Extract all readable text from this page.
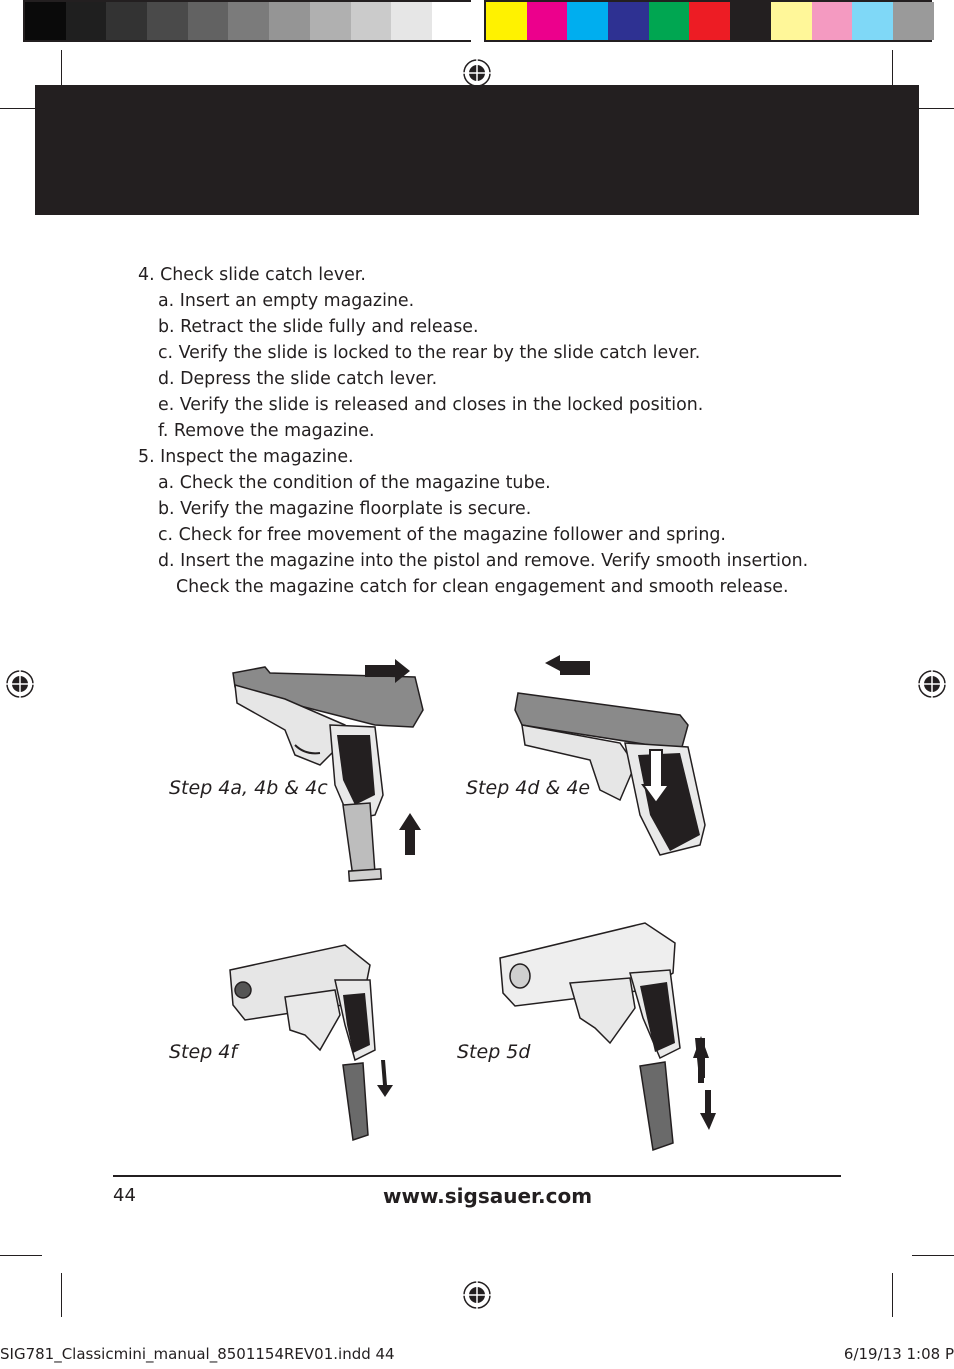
4. Check slide catch lever.
a. Insert an empty magazine.
b. Retract the slide fully and release.
c. Verify the slide is locked to the rear by the slide catch lever.
d. Depress the slide catch lever.
e. Verify the slide is released and closes in the locked position.
f. Remove the magazine.
5. Inspect the magazine.
a. Check the condition of the magazine tube.
b. Verify the magazine floorplate is secure.
c. Check for free movement of the magazine follower and spring.
d. Insert the magazine into the pistol and remove. Verify smooth insertion.
Check the magazine catch for clean engagement and smooth release.
Step 4a, 4b & 4c	Step 4d & 4e
Step 4f	Step 5d
44	www.sigsauer.com
SIG781_Classicmini_manual_8501154REV01.indd 44	6/19/13 1:08 P
